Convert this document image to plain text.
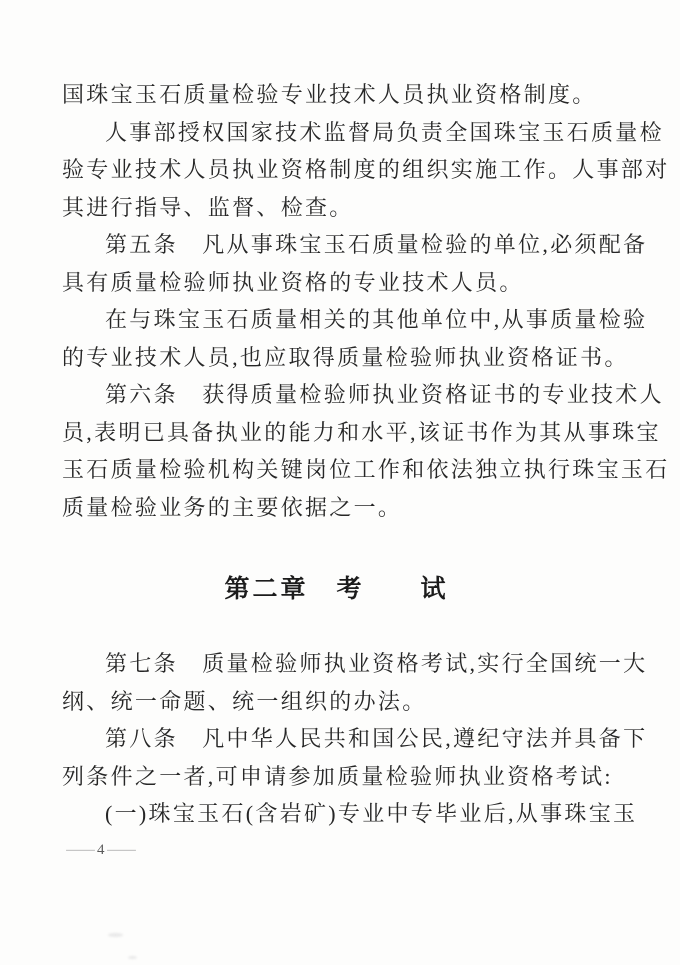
国珠宝玉石质量检验专业技术人员执业资格制度。
人事部授权国家技术监督局负责全国珠宝玉石质量检
验专业技术人员执业资格制度的组织实施工作。人事部对
其进行指导、监督、检查。
第五条　凡从事珠宝玉石质量检验的单位,必须配备
具有质量检验师执业资格的专业技术人员。
在与珠宝玉石质量相关的其他单位中,从事质量检验
的专业技术人员,也应取得质量检验师执业资格证书。
第六条　获得质量检验师执业资格证书的专业技术人
员,表明已具备执业的能力和水平,该证书作为其从事珠宝
玉石质量检验机构关键岗位工作和依法独立执行珠宝玉石
质量检验业务的主要依据之一。
第二章　考　　试
第七条　质量检验师执业资格考试,实行全国统一大
纲、统一命题、统一组织的办法。
第八条　凡中华人民共和国公民,遵纪守法并具备下
列条件之一者,可申请参加质量检验师执业资格考试:
(一)珠宝玉石(含岩矿)专业中专毕业后,从事珠宝玉
— 4 —
